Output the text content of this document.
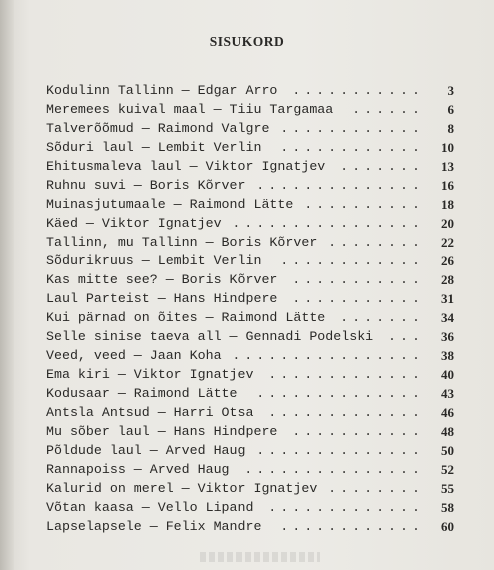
SISUKORD
Kodulinn Tallinn — Edgar Arro ...........	3
Meremees kuival maal — Tiiu Targamaa ......	6
Talverõõmud — Raimond Valgre ............	8
Sõduri laul — Lembit Verlin ............	10
Ehitusmaleva laul — Viktor Ignatjev .......	13
Ruhnu suvi — Boris Kõrver ..............	16
Muinasjutumaale — Raimond Lätte ..........	18
Käed — Viktor Ignatjev ................	20
Tallinn, mu Tallinn — Boris Kõrver ........	22
Sõdurikruus — Lembit Verlin ............	26
Kas mitte see? — Boris Kõrver ...........	28
Laul Parteist — Hans Hindpere ...........	31
Kui pärnad on õites — Raimond Lätte .......	34
Selle sinise taeva all — Gennadi Podelski ...	36
Veed, veed — Jaan Koha ................	38
Ema kiri — Viktor Ignatjev .............	40
Kodusaar — Raimond Lätte ..............	43
Antsla Antsud — Harri Otsa .............	46
Mu sõber laul — Hans Hindpere ...........	48
Põldude laul — Arved Haug ..............	50
Rannapoiss — Arved Haug ...............	52
Kalurid on merel — Viktor Ignatjev ........	55
Võtan kaasa — Vello Lipand .............	58
Lapselapsele — Felix Mandre ............	60
